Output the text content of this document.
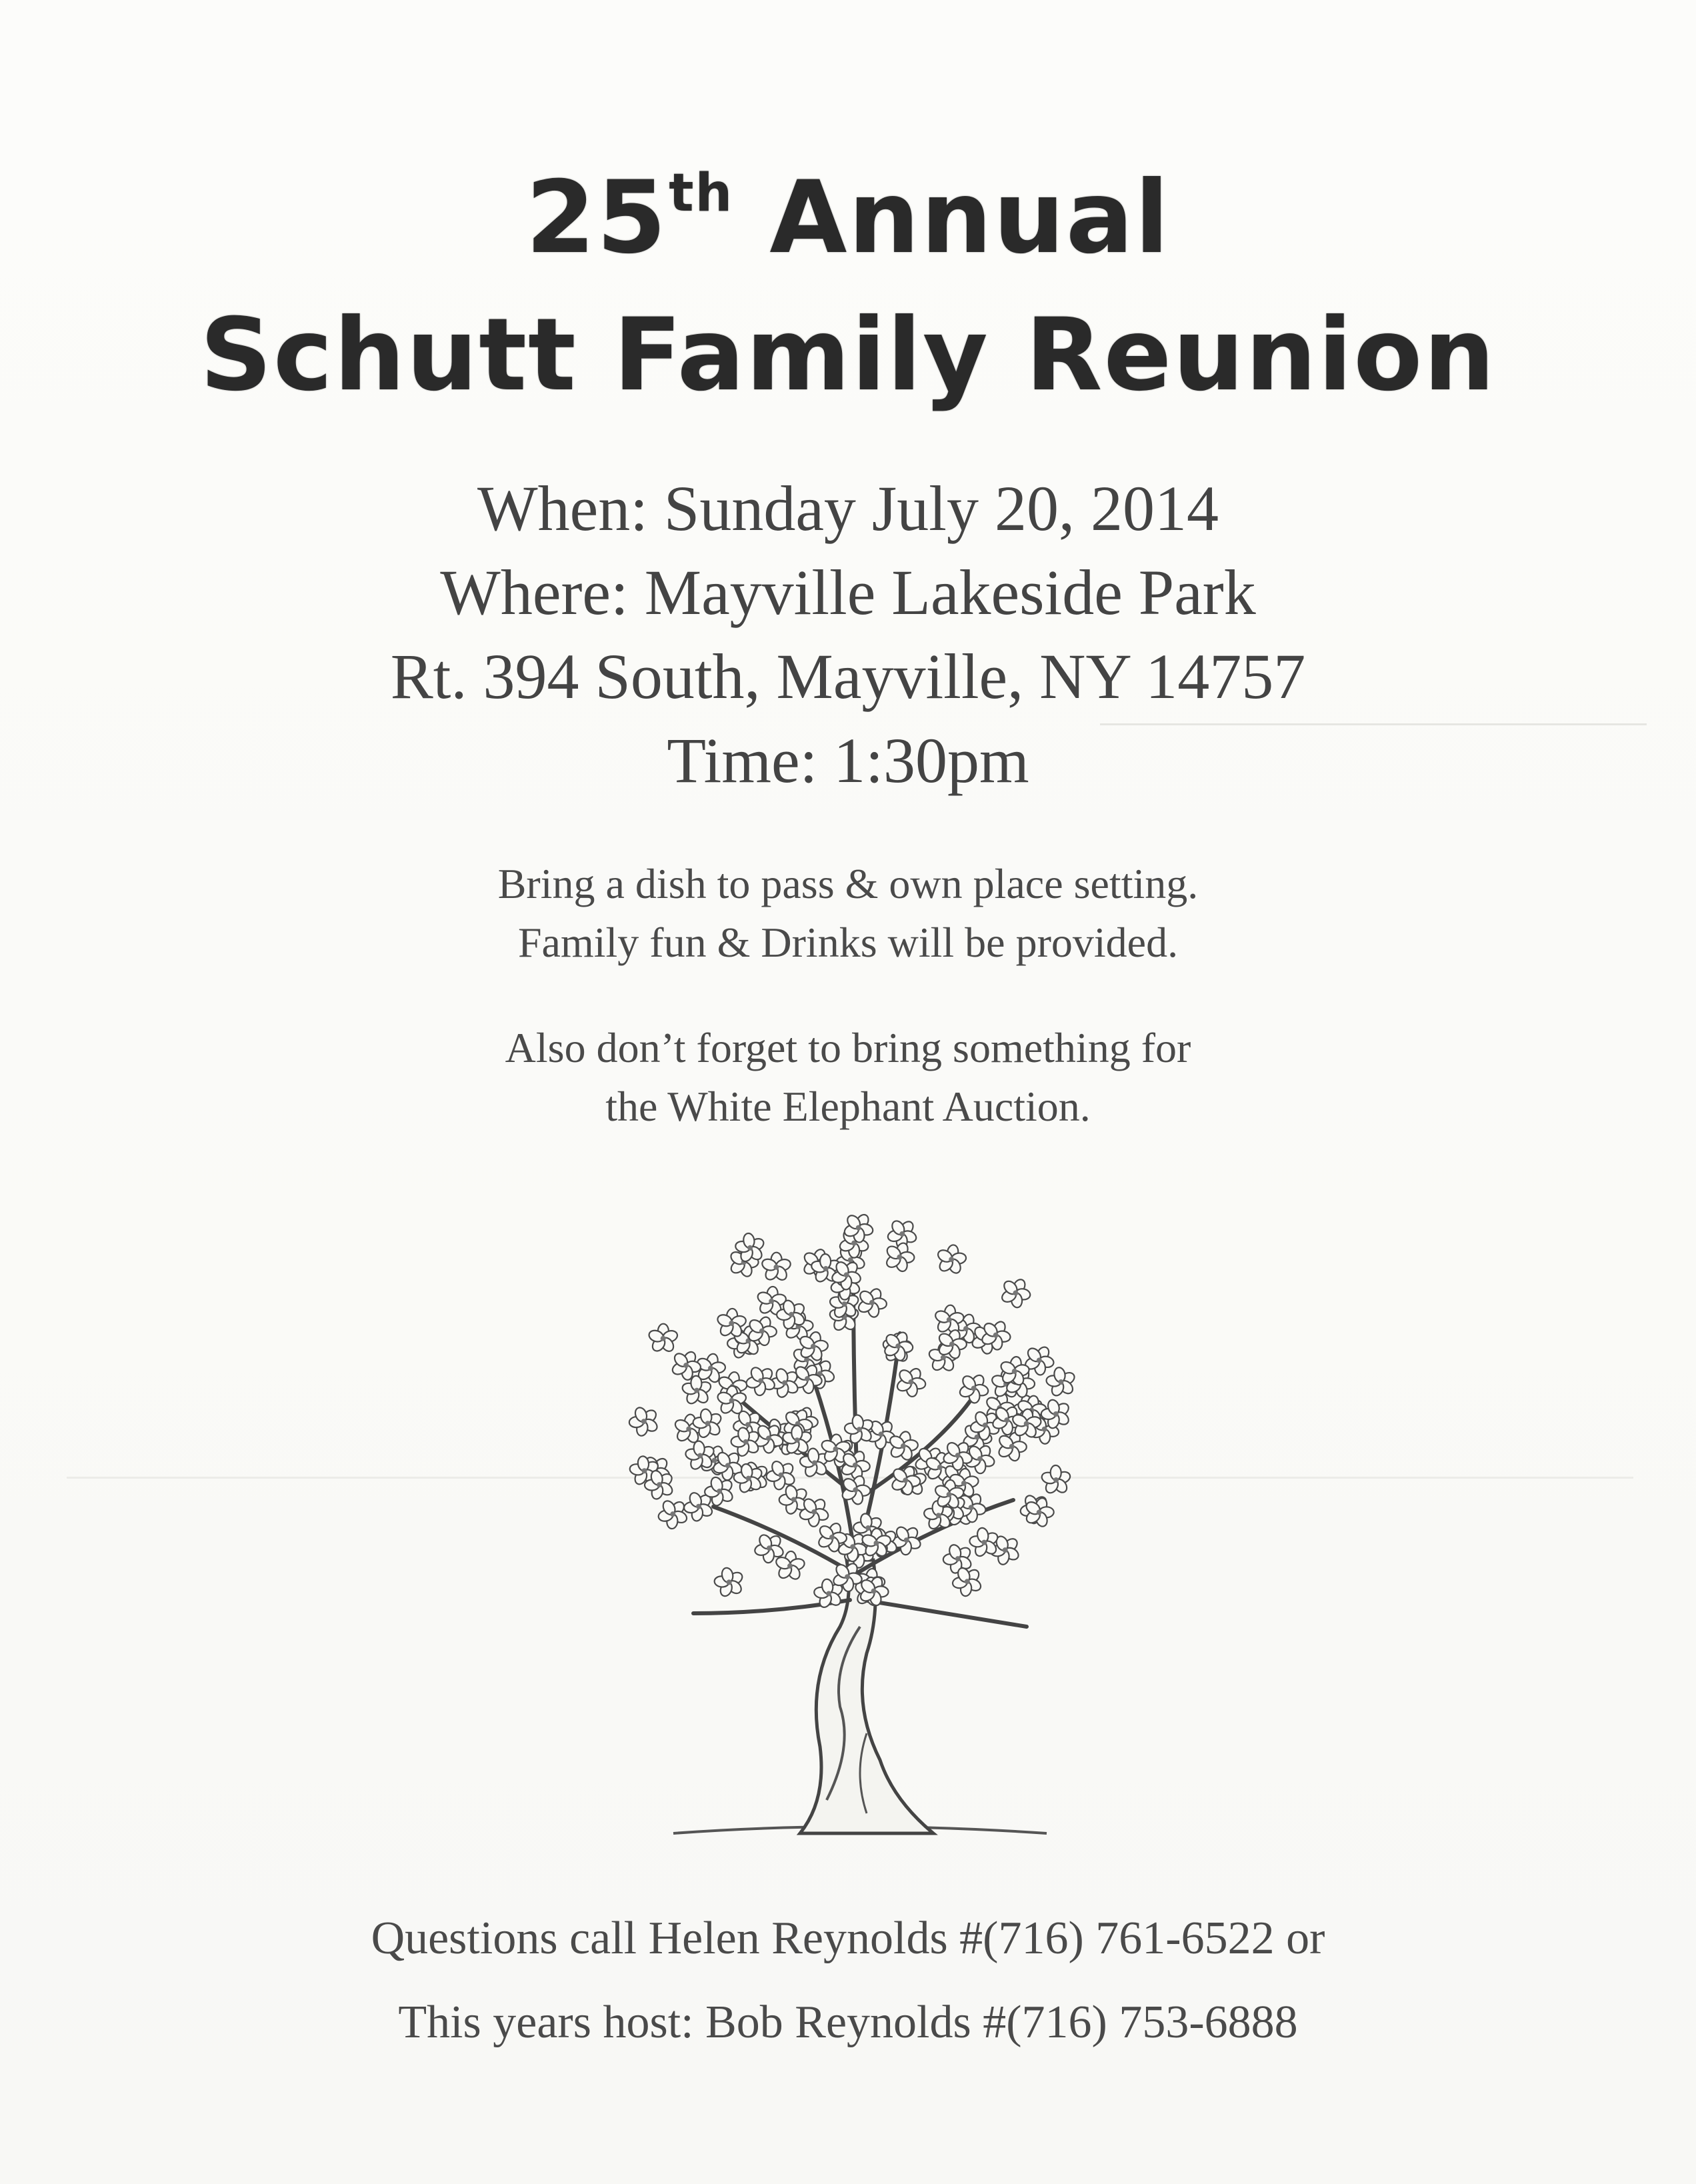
25th Annual
Schutt Family Reunion
When: Sunday July 20, 2014
Where: Mayville Lakeside Park
Rt. 394 South, Mayville, NY 14757
Time: 1:30pm
Bring a dish to pass & own place setting.
Family fun & Drinks will be provided.
Also don’t forget to bring something for
the White Elephant Auction.
Questions call Helen Reynolds #(716) 761-6522 or
This years host: Bob Reynolds #(716) 753-6888
